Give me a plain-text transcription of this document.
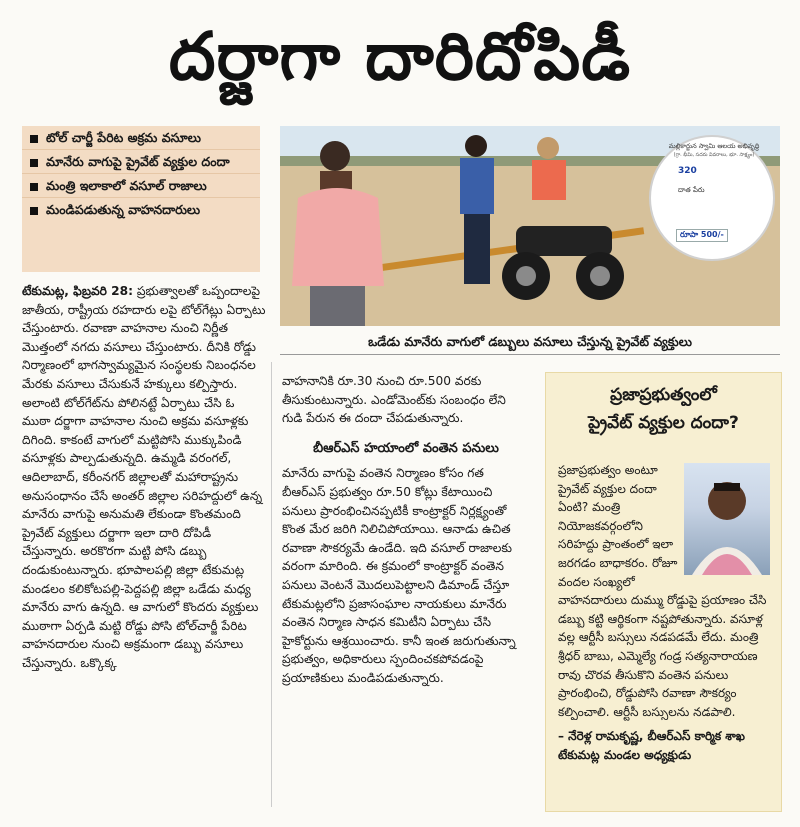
దర్జాగా దారిదోపిడీ
టోల్‌ చార్జీ పేరిట అక్రమ వసూలు
మానేరు వాగుపై ప్రైవేట్‌ వ్యక్తుల దందా
మంత్రి ఇలాకాలో వసూల్‌ రాజాలు
మండిపడుతున్న వాహనదారులు
మల్లికార్జున స్వామి ఆలయ అభివృద్ధి
(గ్రా. భీమి, సదరు వివరాలు, భూ. సాక్ష్యం)
320
దాత పేరు
రూపా 500/-
ఒడేడు మానేరు వాగులో డబ్బులు వసూలు చేస్తున్న ప్రైవేట్‌ వ్యక్తులు
టేకుమట్ల, ఫిబ్రవరి 28: ప్రభుత్వాలతో ఒప్పందాలపై జాతీయ, రాష్ట్రీయ రహదారు లపై టోల్‌గేట్లు ఏర్పాటు చేస్తుంటారు. రవాణా వాహనాల నుంచి నిర్ణీత మొత్తంలో నగదు వసూలు చేస్తుంటారు. దీనికి రోడ్డు నిర్మాణంలో భాగస్వామ్యమైన సంస్థలకు నిబంధనల మేరకు వసూలు చేసుకునే హక్కులు కల్పిస్తారు. అలాంటి టోల్‌గేట్‌ను పోలినట్టే ఏర్పాటు చేసి ఓ ముఠా దర్జాగా వాహనాల నుంచి అక్రమ వసూళ్లకు దిగింది. కాకంటే వాగులో మట్టిపోసి ముక్కుపిండి వసూళ్లకు పాల్పడుతున్నది. ఉమ్మడి వరంగల్‌, ఆదిలాబాద్‌, కరీంనగర్‌ జిల్లాలతో మహారాష్ట్రను అనుసంధానం చేసే అంతర్‌ జిల్లాల సరిహద్దులో ఉన్న మానేరు వాగుపై అనుమతి లేకుండా కొంతమంది ప్రైవేట్‌ వ్యక్తులు దర్జాగా ఇలా దారి దోపిడీ చేస్తున్నారు. అరకొరగా మట్టి పోసి డబ్బు దండుకుంటున్నారు. భూపాలపల్లి జిల్లా టేకుమట్ల మండలం కలికోటపల్లి-పెద్దపల్లి జిల్లా ఒడేడు మధ్య మానేరు వాగు ఉన్నది. ఆ వాగులో కొందరు వ్యక్తులు ముఠాగా ఏర్పడి మట్టి రోడ్డు పోసి టోల్‌చార్జీ పేరిట వాహనదారుల నుంచి అక్రమంగా డబ్బు వసూలు చేస్తున్నారు. ఒక్కొక్క
వాహనానికి రూ.30 నుంచి రూ.500 వరకు తీసుకుంటున్నారు. ఎండోమెంట్‌కు సంబంధం లేని గుడి పేరున ఈ దందా చేపడుతున్నారు.
బీఆర్‌ఎస్‌ హయాంలో వంతెన పనులు
మానేరు వాగుపై వంతెన నిర్మాణం కోసం గత బీఆర్‌ఎస్‌ ప్రభుత్వం రూ.50 కోట్లు కేటాయించి పనులు ప్రారంభించినప్పటికీ కాంట్రాక్టర్‌ నిర్లక్ష్యంతో కొంత మేర జరిగి నిలిచిపోయాయి. ఆనాడు ఉచిత రవాణా సౌకర్యమే ఉండేది. ఇది వసూల్‌ రాజాలకు వరంగా మారింది. ఈ క్రమంలో కాంట్రాక్టర్‌ వంతెన పనులు వెంటనే మొదలుపెట్టాలని డిమాండ్‌ చేస్తూ టేకుమట్లలోని ప్రజాసంఘాల నాయకులు మానేరు వంతెన నిర్మాణ సాధన కమిటీని ఏర్పాటు చేసి హైకోర్టును ఆశ్రయించారు. కానీ ఇంత జరుగుతున్నా ప్రభుత్వం, అధికారులు స్పందించకపోవడంపై ప్రయాణికులు మండిపడుతున్నారు.
ప్రజాప్రభుత్వంలో
ప్రైవేట్‌ వ్యక్తుల దందా?
ప్రజాప్రభుత్వం అంటూ ప్రైవేట్‌ వ్యక్తుల దందా ఏంటి? మంత్రి నియోజకవర్గంలోని సరిహద్దు ప్రాంతంలో ఇలా జరగడం బాధాకరం. రోజూ వందల సంఖ్యలో వాహనదారులు దుమ్ము రోడ్డుపై ప్రయాణం చేసి డబ్బు కట్టి ఆర్థికంగా నష్టపోతున్నారు. వసూళ్ల వల్ల ఆర్టీసీ బస్సులు నడపడమే లేదు. మంత్రి శ్రీధర్‌ బాబు, ఎమ్మెల్యే గండ్ర సత్యనారాయణ రావు చొరవ తీసుకొని వంతెన పనులు ప్రారంభించి, రోడ్డుపోసి రవాణా సౌకర్యం కల్పించాలి. ఆర్టీసీ బస్సులను నడపాలి.
– నేరెళ్ల రామకృష్ణ, బీఆర్‌ఎస్‌ కార్మిక శాఖ టేకుమట్ల మండల అధ్యక్షుడు
